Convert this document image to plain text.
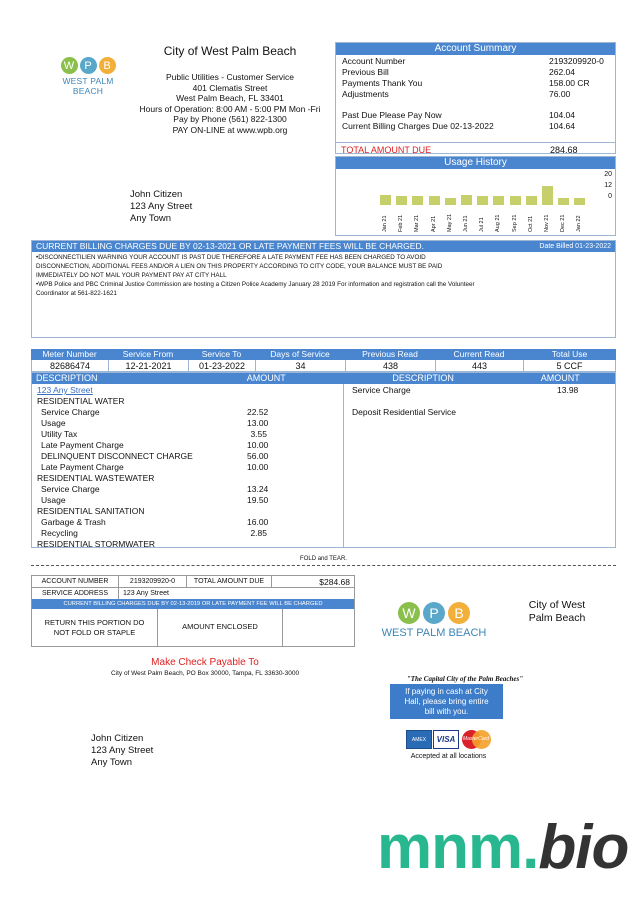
W P	B
WEST PALM BEACH
City of West Palm Beach
Public Utilities - Customer Service
401 Clematis Street
West Palm Beach, FL 33401
Hours of Operation: 8:00 AM - 5:00 PM Mon -Fri
Pay by Phone (561) 822-1300
PAY ON-LINE at www.wpb.org
Account Summary
Account Number	2193209920-0
Previous Bill	262.04
Payments Thank You	158.00 CR
Adjustments	76.00
Past Due Please Pay Now	104.04
Current Billing Charges Due 02-13-2022	104.64
TOTAL AMOUNT DUE	284.68
Usage History
20
12
0
Jan 21 Feb 21 Mar 21 Apr 21 May 21 Jun 21 Jul 21 Aug 21 Sep 21 Oct 21 Nov 21 Dec 21 Jan 22
John Citizen
123 Any Street
Any Town
CURRENT BILLING CHARGES DUE BY 02-13-2021 OR LATE PAYMENT FEES WILL BE CHARGED.	Date Billed 01-23-2022
•DISCONNECTILIEN WARNING YOUR ACCOUNT IS PAST DUE THEREFORE A LATE PAYMENT FEE HAS BEEN CHARGED TO AVOID
DISCONNECTION, ADDITIONAL FEES AND/OR A LIEN ON THIS PROPERTY ACCORDING TO CITY CODE, YOUR BALANCE MUST BE PAID
IMMEDIATELY DO NOT MAIL YOUR PAYMENT PAY AT CITY HALL
•WPB Police and PBC Criminal Justice Commission are hosting a Citizen Police Academy January 28 2019 For information and registration call the Volunteer
Coordinator at 561-822-1621
Meter Number	Service From	Service To	Days of Service	Previous Read	Current Read	Total Use
82686474	12-21-2021	01-23-2022	34	438	443	5 CCF
DESCRIPTION	AMOUNT	DESCRIPTION	AMOUNT
123 Any Street
RESIDENTIAL WATER
Service Charge	22.52
Usage	13.00
Utility Tax	3.55
Late Payment Charge	10.00
DELINQUENT DISCONNECT CHARGE	56.00
Late Payment Charge	10.00
RESIDENTIAL WASTEWATER
Service Charge	13.24
Usage	19.50
RESIDENTIAL SANITATION
Garbage & Trash	16.00
Recycling	2.85
RESIDENTIAL STORMWATER
Service Charge	13.98
Deposit Residential Service
FOLD and TEAR.
ACCOUNT NUMBER	2193209920-0	TOTAL AMOUNT DUE	$284.68
SERVICE ADDRESS	123 Any Street
CURRENT BILLING CHARGES DUE BY 02-13-2019 OR LATE PAYMENT FEE WILL BE CHARGED
RETURN THIS PORTION DO NOT FOLD OR STAPLE
AMOUNT ENCLOSED
Make Check Payable To
City of West Palm Beach, PO Box 30000, Tampa, FL 33630-3000
W P	B
WEST PALM BEACH
City of West Palm Beach
"The Capital City of the Palm Beaches"
If paying in cash at City Hall, please bring entire bill with you.
AMEX	VISA	MasterCard
Accepted at all locations
John Citizen
123 Any Street
Any Town
mnm.bio
